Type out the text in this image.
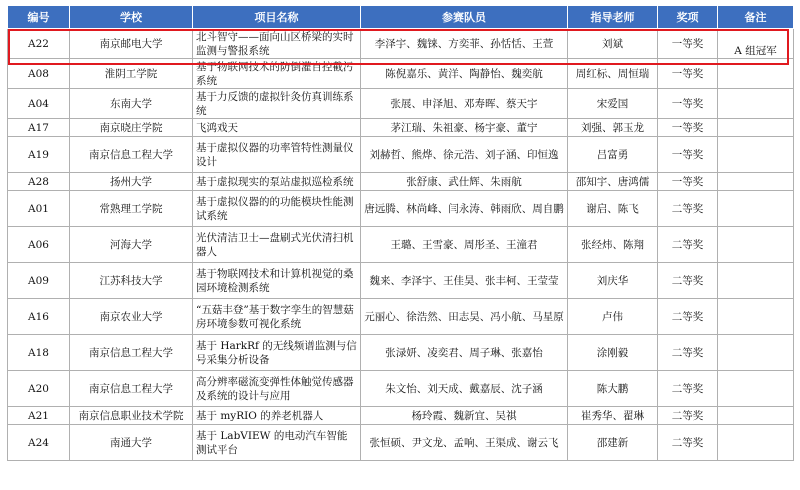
编号	学校	项目名称	参赛队员	指导老师	奖项	备注
A22	南京邮电大学	北斗智守——面向山区桥梁的实时监测与警报系统	李泽宇、魏铼、方奕菲、孙恬恬、王萱	刘斌	一等奖	A 组冠军
A08	淮阴工学院	基于物联网技术的防倒灌自控截污系统	陈倪嘉乐、黄洋、陶静怡、魏奕航	周红标、周恒瑞	一等奖	
A04	东南大学	基于力反馈的虚拟针灸仿真训练系统	张展、申泽旭、邓寿晖、蔡天宇	宋爱国	一等奖	
A17	南京晓庄学院	飞鸿戏天	茅江瑞、朱祖豪、杨宇豪、董宁	刘强、郭玉龙	一等奖	
A19	南京信息工程大学	基于虚拟仪器的功率管特性测量仪设计	刘赫哲、熊烨、徐元浩、刘子涵、印恒逸	吕富勇	一等奖	
A28	扬州大学	基于虚拟现实的泵站虚拟巡检系统	张舒康、武仕辉、朱雨航	邵知宇、唐鸿儒	一等奖	
A01	常熟理工学院	基于虚拟仪器的的功能模块性能测试系统	唐远腾、林尚峰、闫永涛、韩雨欣、周自鹏	谢启、陈飞	二等奖	
A06	河海大学	光伏清洁卫士—盘刷式光伏清扫机器人	王璐、王雪豪、周彤圣、王潼君	张经炜、陈翔	二等奖	
A09	江苏科技大学	基于物联网技术和计算机视觉的桑园环境检测系统	魏来、李泽宇、王佳昊、张丰柯、王莹莹	刘庆华	二等奖	
A16	南京农业大学	“五菇丰登”基于数字孪生的智慧菇房环境参数可视化系统	元丽心、徐浩然、田志昊、冯小航、马星原	卢伟	二等奖	
A18	南京信息工程大学	基于 HarkRf 的无线频谱监测与信号采集分析设备	张渌妍、凌奕君、周子琳、张嘉怡	涂刚毅	二等奖	
A20	南京信息工程大学	高分辨率磁流变弹性体触觉传感器及系统的设计与应用	朱文怡、刘天成、戴嘉辰、沈子涵	陈大鹏	二等奖	
A21	南京信息职业技术学院	基于 myRIO 的养老机器人	杨玲霞、魏新宜、吴祺	崔秀华、翟琳	二等奖	
A24	南通大学	基于 LabVIEW 的电动汽车智能测试平台	张恒硕、尹文龙、孟响、王渠成、谢云飞	邵建新	二等奖	
